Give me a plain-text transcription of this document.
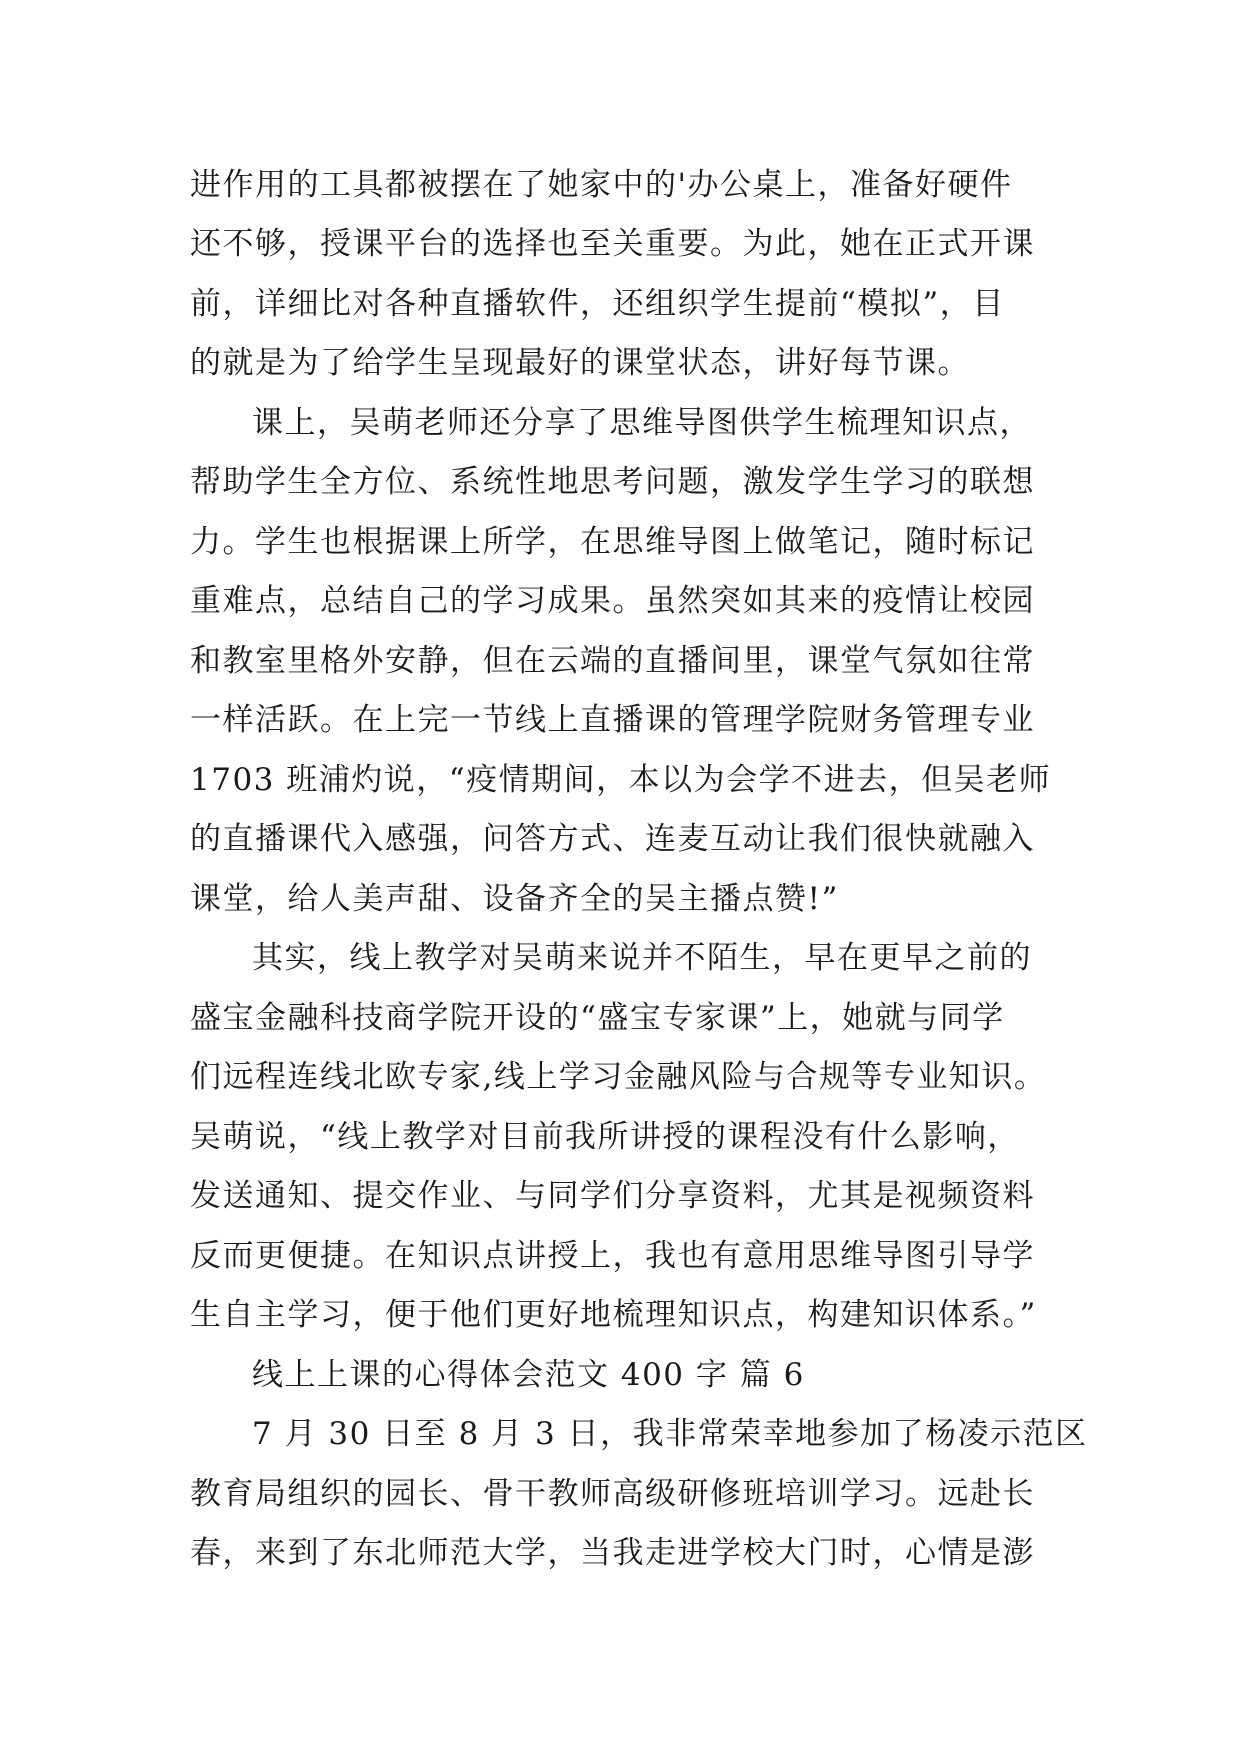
进作用的工具都被摆在了她家中的'办公桌上，准备好硬件
还不够，授课平台的选择也至关重要。为此，她在正式开课
前，详细比对各种直播软件，还组织学生提前“模拟”，目
的就是为了给学生呈现最好的课堂状态，讲好每节课。
课上，吴萌老师还分享了思维导图供学生梳理知识点，
帮助学生全方位、系统性地思考问题，激发学生学习的联想
力。学生也根据课上所学，在思维导图上做笔记，随时标记
重难点，总结自己的学习成果。虽然突如其来的疫情让校园
和教室里格外安静，但在云端的直播间里，课堂气氛如往常
一样活跃。在上完一节线上直播课的管理学院财务管理专业
1703 班浦灼说，“疫情期间，本以为会学不进去，但吴老师
的直播课代入感强，问答方式、连麦互动让我们很快就融入
课堂，给人美声甜、设备齐全的吴主播点赞!”
其实，线上教学对吴萌来说并不陌生，早在更早之前的
盛宝金融科技商学院开设的“盛宝专家课”上，她就与同学
们远程连线北欧专家,线上学习金融风险与合规等专业知识。
吴萌说，“线上教学对目前我所讲授的课程没有什么影响，
发送通知、提交作业、与同学们分享资料，尤其是视频资料
反而更便捷。在知识点讲授上，我也有意用思维导图引导学
生自主学习，便于他们更好地梳理知识点，构建知识体系。”
线上上课的心得体会范文 400 字 篇 6
7 月 30 日至 8 月 3 日，我非常荣幸地参加了杨凌示范区
教育局组织的园长、骨干教师高级研修班培训学习。远赴长
春，来到了东北师范大学，当我走进学校大门时，心情是澎
